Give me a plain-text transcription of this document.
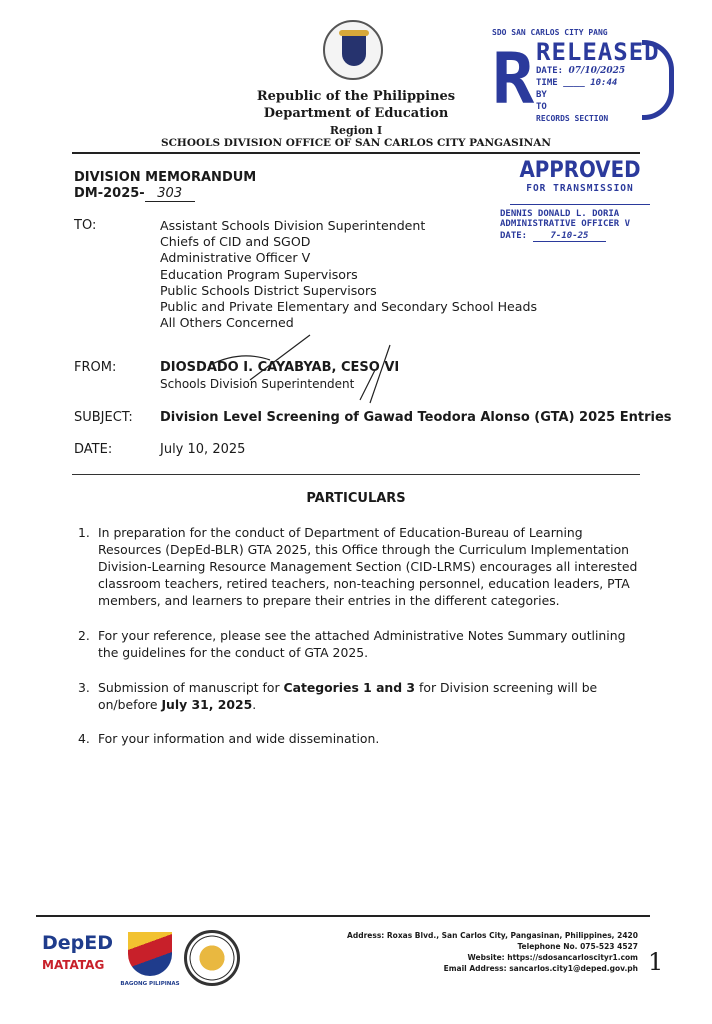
Republic of the Philippines
Department of Education
Region I
SCHOOLS DIVISION OFFICE OF SAN CARLOS CITY PANGASINAN
SDO SAN CARLOS CITY PANG
R RELEASED
DATE: 07/10/2025
TIME ____ 10:44
BY
TO
RECORDS SECTION
DIVISION MEMORANDUM
DM-2025- 303
APPROVED
FOR TRANSMISSION
DENNIS DONALD L. DORIA
ADMINISTRATIVE OFFICER V
DATE:	7-10-25
TO:	Assistant Schools Division Superintendent
Chiefs of CID and SGOD
Administrative Officer V
Education Program Supervisors
Public Schools District Supervisors
Public and Private Elementary and Secondary School Heads
All Others Concerned
FROM:	DIOSDADO I. CAYABYAB, CESO VI
Schools Division Superintendent
SUBJECT: Division Level Screening of Gawad Teodora Alonso (GTA) 2025 Entries
DATE:	July 10, 2025
PARTICULARS
1. In preparation for the conduct of Department of Education-Bureau of Learning Resources (DepEd-BLR) GTA 2025, this Office through the Curriculum Implementation Division-Learning Resource Management Section (CID-LRMS) encourages all interested classroom teachers, retired teachers, non-teaching personnel, education leaders, PTA members, and learners to prepare their entries in the different categories.
2. For your reference, please see the attached Administrative Notes Summary outlining the guidelines for the conduct of GTA 2025.
3. Submission of manuscript for Categories 1 and 3 for Division screening will be on/before July 31, 2025.
4. For your information and wide dissemination.
DepED
MATATAG
BAGONG PILIPINAS
Address: Roxas Blvd., San Carlos City, Pangasinan, Philippines, 2420
Telephone No. 075-523 4527
Website: https://sdosancarloscityr1.com
Email Address: sancarlos.city1@deped.gov.ph 1
